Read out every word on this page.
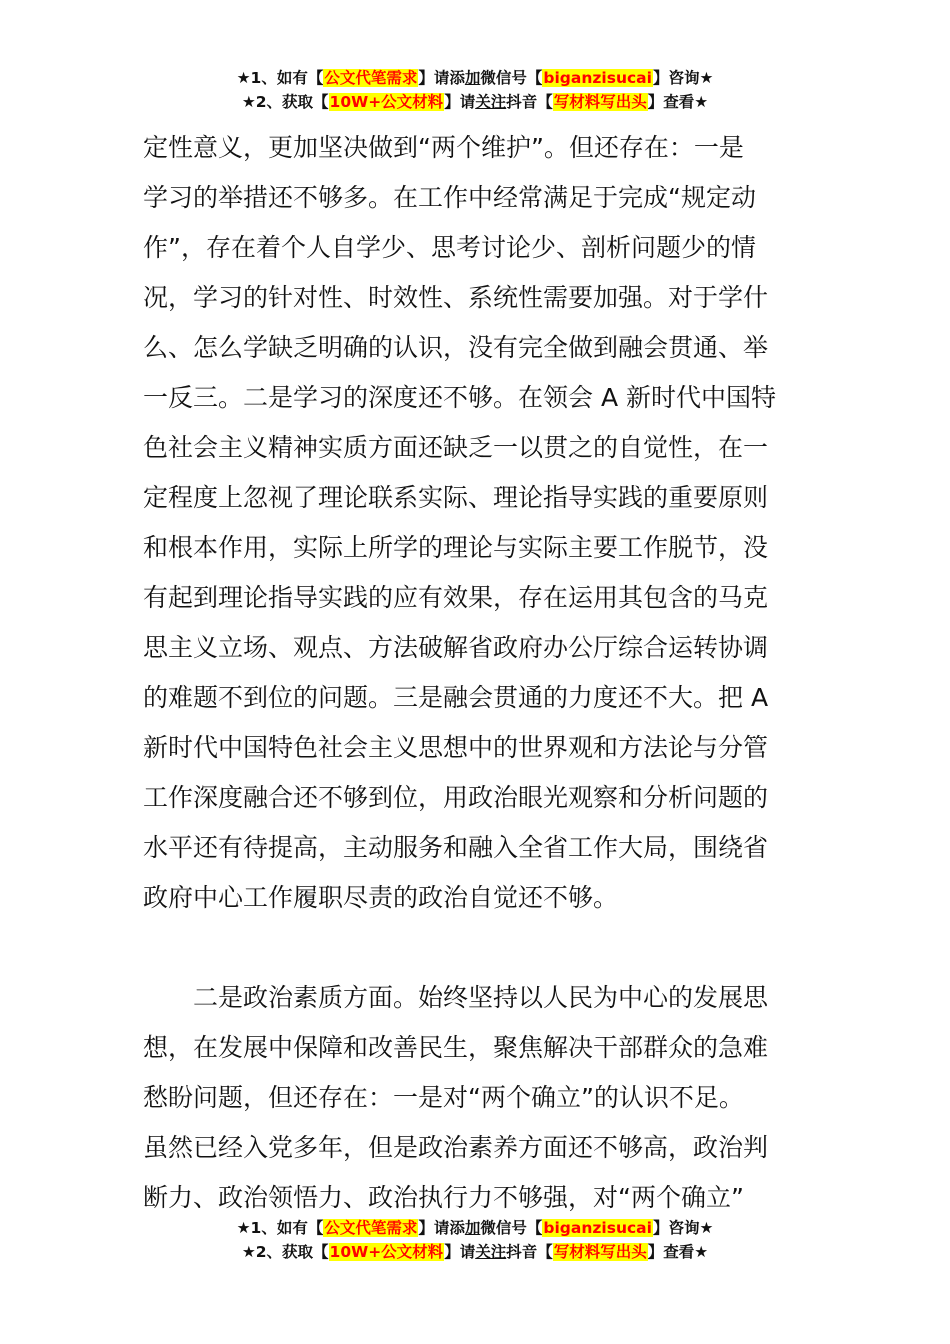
★1、如有【公文代笔需求】请添加微信号【biganzisucai】咨询★
★2、获取【10W+公文材料】请关注抖音【写材料写出头】查看★
定性意义，更加坚决做到“两个维护”。但还存在：一是
学习的举措还不够多。在工作中经常满足于完成“规定动
作”，存在着个人自学少、思考讨论少、剖析问题少的情
况，学习的针对性、时效性、系统性需要加强。对于学什
么、怎么学缺乏明确的认识，没有完全做到融会贯通、举
一反三。二是学习的深度还不够。在领会 A 新时代中国特
色社会主义精神实质方面还缺乏一以贯之的自觉性，在一
定程度上忽视了理论联系实际、理论指导实践的重要原则
和根本作用，实际上所学的理论与实际主要工作脱节，没
有起到理论指导实践的应有效果，存在运用其包含的马克
思主义立场、观点、方法破解省政府办公厅综合运转协调
的难题不到位的问题。三是融会贯通的力度还不大。把 A
新时代中国特色社会主义思想中的世界观和方法论与分管
工作深度融合还不够到位，用政治眼光观察和分析问题的
水平还有待提高，主动服务和融入全省工作大局，围绕省
政府中心工作履职尽责的政治自觉还不够。
二是政治素质方面。始终坚持以人民为中心的发展思
想，在发展中保障和改善民生，聚焦解决干部群众的急难
愁盼问题，但还存在：一是对“两个确立”的认识不足。
虽然已经入党多年，但是政治素养方面还不够高，政治判
断力、政治领悟力、政治执行力不够强，对“两个确立”
★1、如有【公文代笔需求】请添加微信号【biganzisucai】咨询★
★2、获取【10W+公文材料】请关注抖音【写材料写出头】查看★
